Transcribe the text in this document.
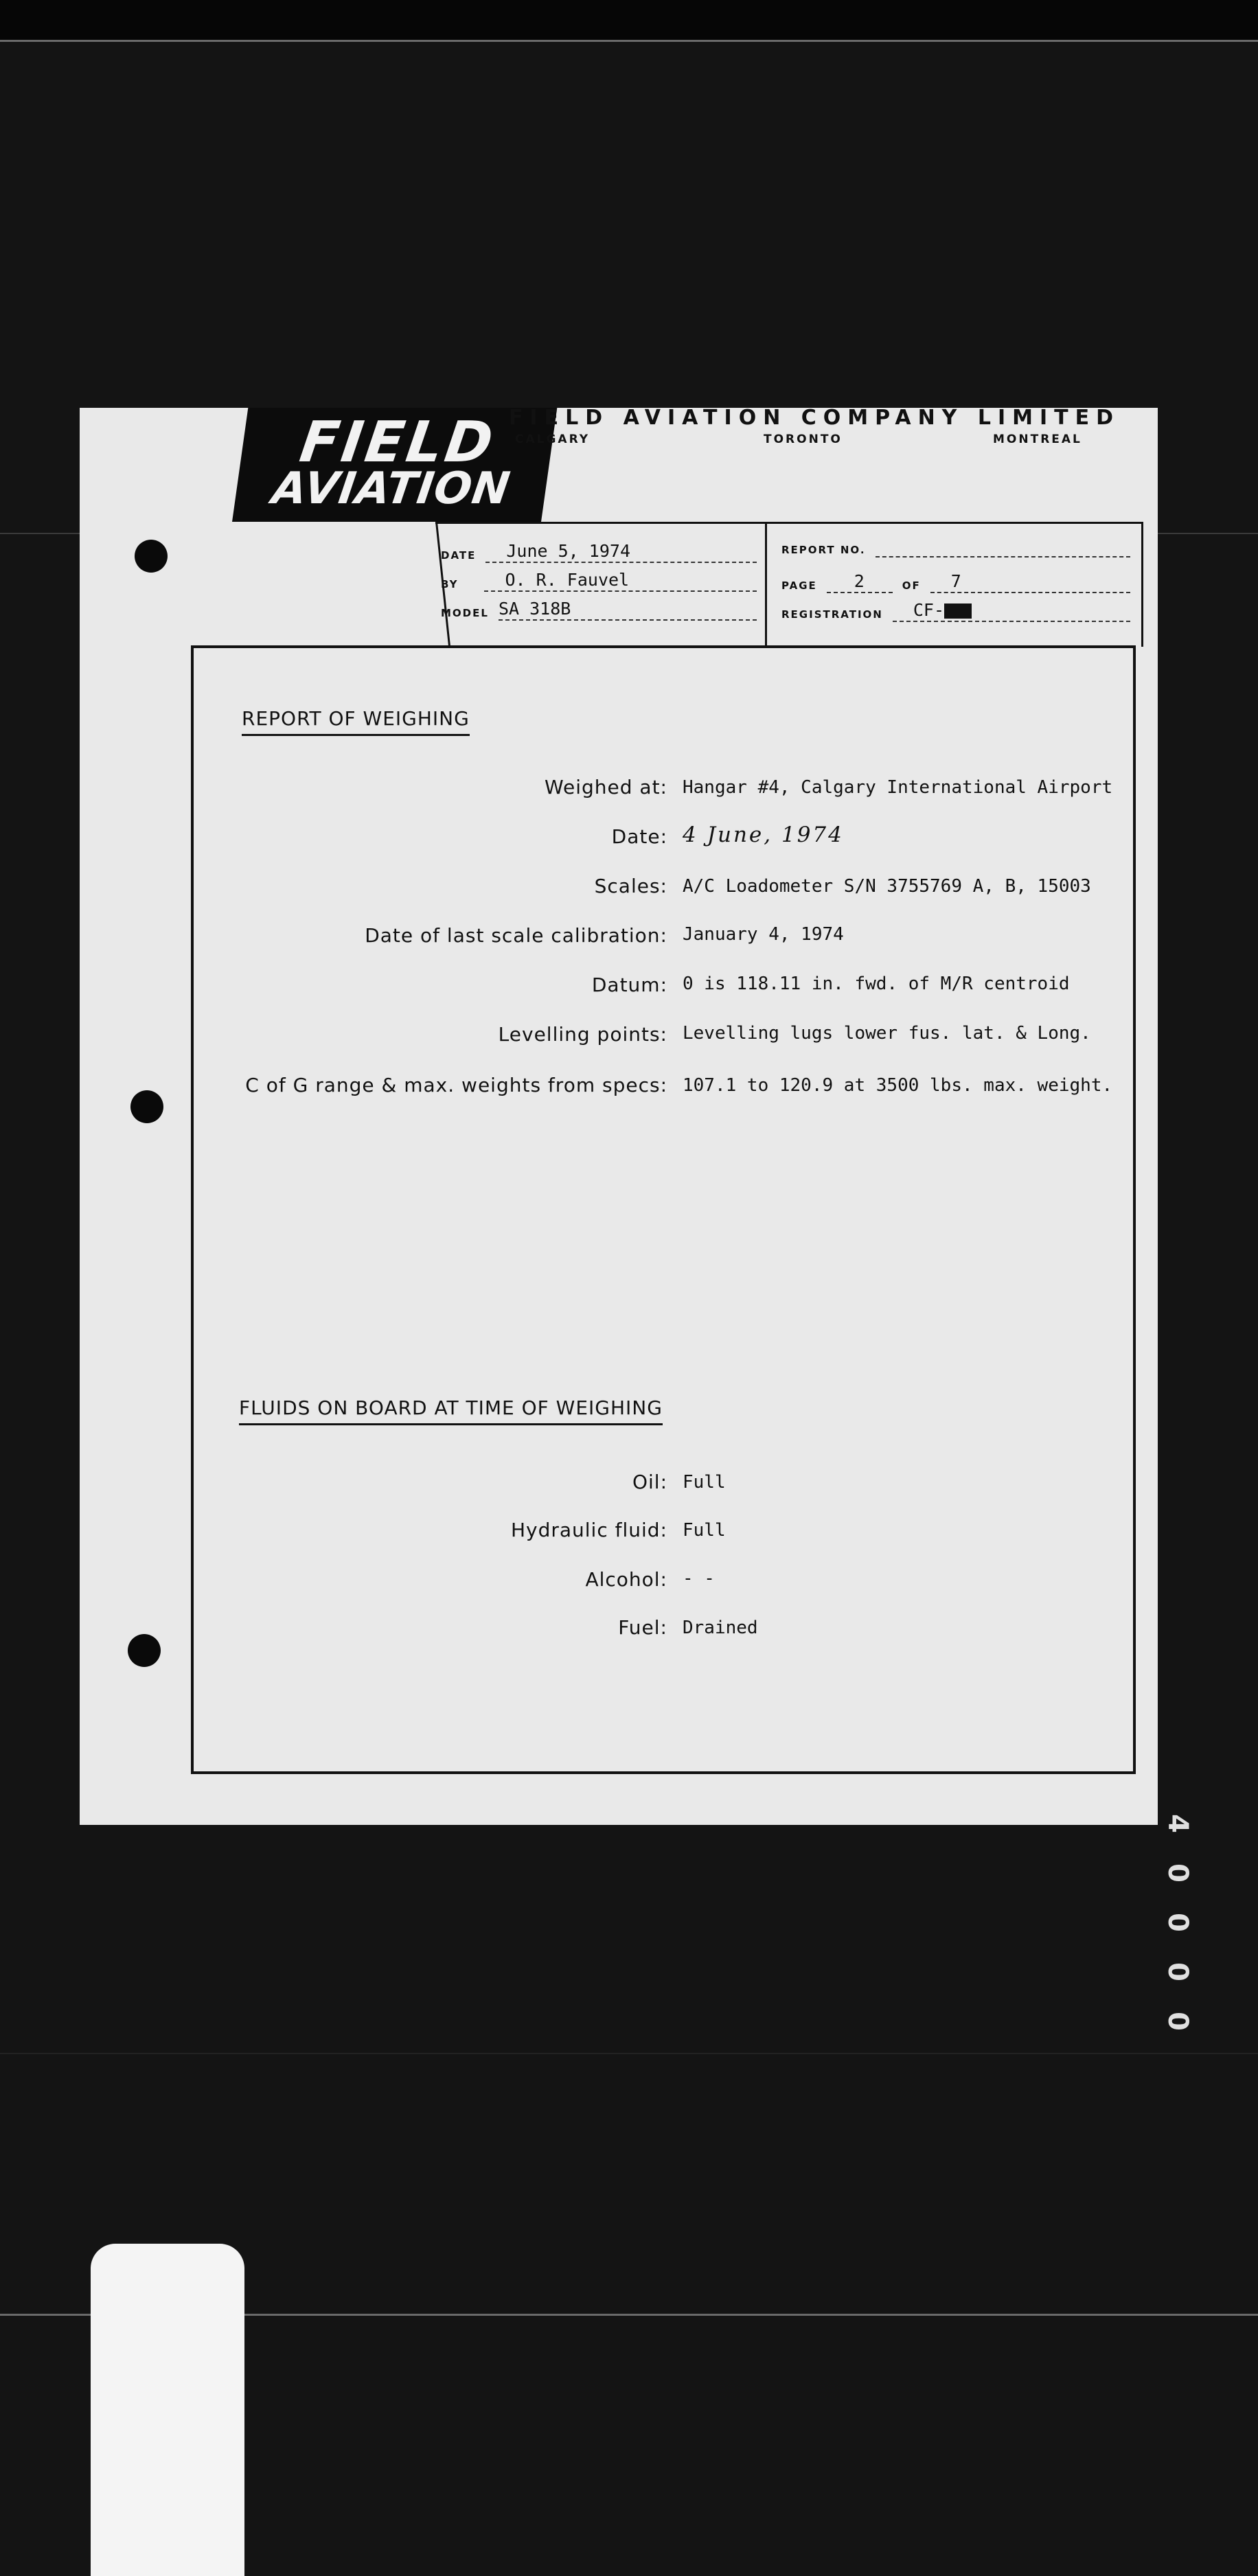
FIELD
AVIATION
FIELD AVIATION COMPANY LIMITED
CALGARY	TORONTO	MONTREAL
DATE	June 5, 1974
BY	O. R. Fauvel
MODEL SA 318B
REPORT NO.
PAGE	2	OF	7
REGISTRATION	CF-
REPORT OF WEIGHING
Weighed at: Hangar #4, Calgary International Airport
Date: 4 June, 1974
Scales: A/C Loadometer S/N 3755769 A, B, 15003
Date of last scale calibration: January 4, 1974
Datum: 0 is 118.11 in. fwd. of M/R centroid
Levelling points: Levelling lugs lower fus. lat. & Long.
C of G range & max. weights from specs: 107.1 to 120.9 at 3500 lbs. max. weight.
FLUIDS ON BOARD AT TIME OF WEIGHING
Oil: Full
Hydraulic fluid: Full
Alcohol: - -
Fuel: Drained
4
0
0
0
0
